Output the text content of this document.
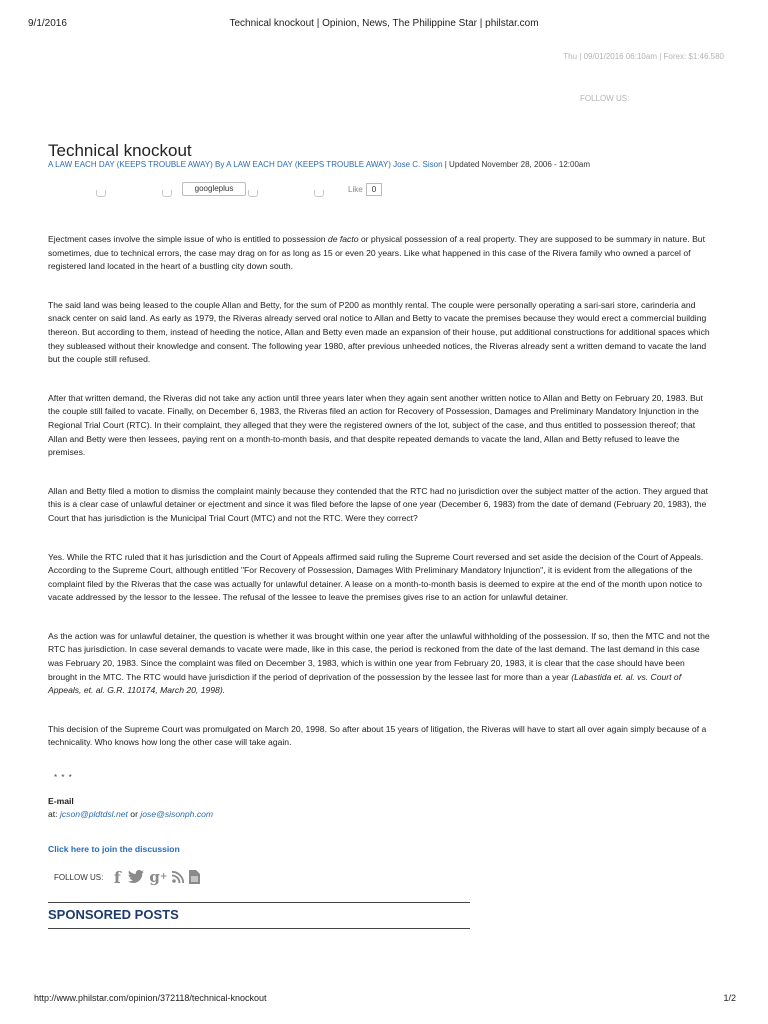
9/1/2016	Technical knockout | Opinion, News, The Philippine Star | philstar.com
Thu | 09/01/2016 06:10am | Forex: $1:46.580
FOLLOW US:
Technical knockout
A LAW EACH DAY (KEEPS TROUBLE AWAY) By A LAW EACH DAY (KEEPS TROUBLE AWAY) Jose C. Sison | Updated November 28, 2006 - 12:00am
googleplus	Like	0

Ejectment cases involve the simple issue of who is entitled to possession de facto or physical possession of a real property. They are supposed to be summary in nature. But sometimes, due to technical errors, the case may drag on for as long as 15 or even 20 years. Like what happened in this case of the Rivera family who owned a parcel of registered land located in the heart of a bustling city down south.

The said land was being leased to the couple Allan and Betty, for the sum of P200 as monthly rental. The couple were personally operating a sari-sari store, carinderia and snack center on said land. As early as 1979, the Riveras already served oral notice to Allan and Betty to vacate the premises because they would erect a commercial building thereon. But according to them, instead of heeding the notice, Allan and Betty even made an expansion of their house, put additional constructions for additional spaces which they subleased without their knowledge and consent. The following year 1980, after previous unheeded notices, the Riveras already sent a written demand to vacate the land but the couple still refused.

After that written demand, the Riveras did not take any action until three years later when they again sent another written notice to Allan and Betty on February 20, 1983. But the couple still failed to vacate. Finally, on December 6, 1983, the Riveras filed an action for Recovery of Possession, Damages and Preliminary Mandatory Injunction in the Regional Trial Court (RTC). In their complaint, they alleged that they were the registered owners of the lot, subject of the case, and thus entitled to possession thereof; that Allan and Betty were then lessees, paying rent on a month-to-month basis, and that despite repeated demands to vacate the land, Allan and Betty refused to leave the premises.

Allan and Betty filed a motion to dismiss the complaint mainly because they contended that the RTC had no jurisdiction over the subject matter of the action. They argued that this is a clear case of unlawful detainer or ejectment and since it was filed before the lapse of one year (December 6, 1983) from the date of demand (February 20, 1983), the Court that has jurisdiction is the Municipal Trial Court (MTC) and not the RTC. Were they correct?

Yes. While the RTC ruled that it has jurisdiction and the Court of Appeals affirmed said ruling the Supreme Court reversed and set aside the decision of the Court of Appeals. According to the Supreme Court, although entitled "For Recovery of Possession, Damages With Preliminary Mandatory Injunction", it is evident from the allegations of the complaint filed by the Riveras that the case was actually for unlawful detainer. A lease on a month-to-month basis is deemed to expire at the end of the month upon notice to vacate addressed by the lessor to the lessee. The refusal of the lessee to leave the premises gives rise to an action for unlawful detainer.

As the action was for unlawful detainer, the question is whether it was brought within one year after the unlawful withholding of the possession. If so, then the MTC and not the RTC has jurisdiction. In case several demands to vacate were made, like in this case, the period is reckoned from the date of the last demand. The last demand in this case was February 20, 1983. Since the complaint was filed on December 3, 1983, which is within one year from February 20, 1983, it is clear that the case should have been brought in the MTC. The RTC would have jurisdiction if the period of deprivation of the possession by the lessee last for more than a year (Labastida et. al. vs. Court of Appeals, et. al. G.R. 110174, March 20, 1998).

This decision of the Supreme Court was promulgated on March 20, 1998. So after about 15 years of litigation, the Riveras will have to start all over again simply because of a technicality. Who knows how long the other case will take again.

* * *
E-mail
at: jcson@pldtdsl.net or jose@sisonph.com
Click here to join the discussion
FOLLOW US: f g +
SPONSORED POSTS
http://www.philstar.com/opinion/372118/technical-knockout	1/2
